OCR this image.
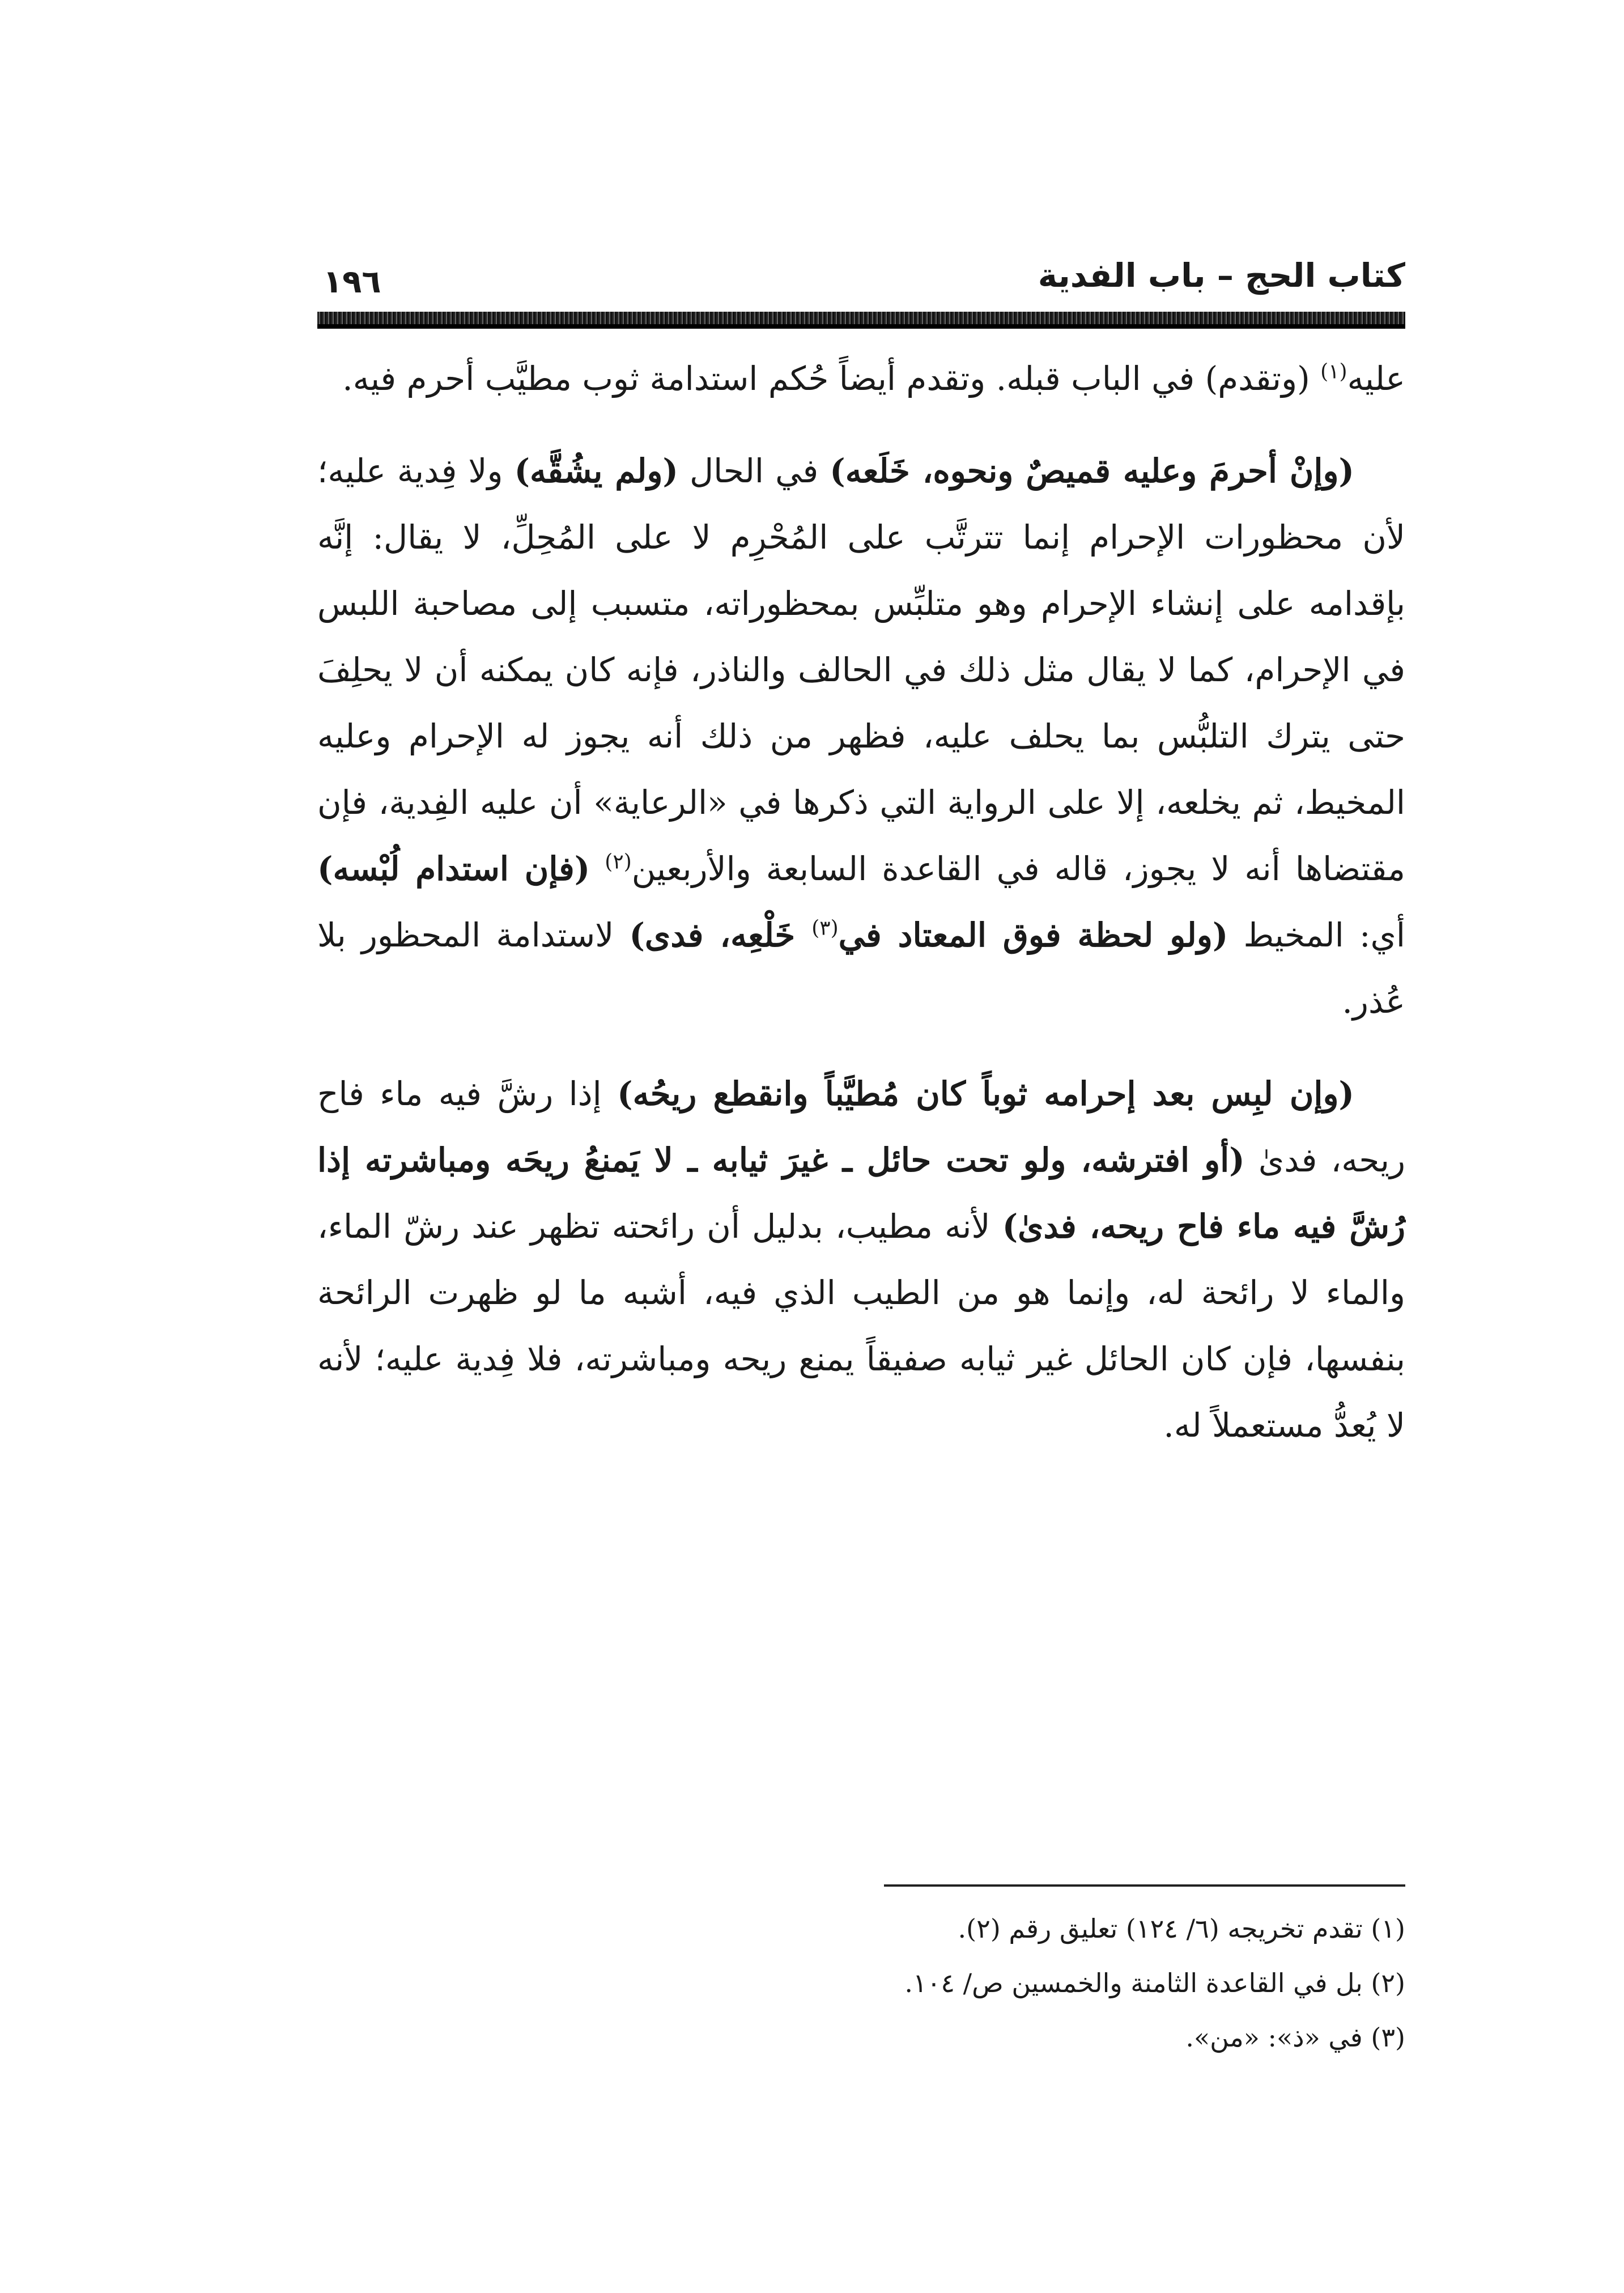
كتاب الحج – باب الفدية
١٩٦

عليه$^{(١)}$ (وتقدم) في الباب قبله. وتقدم أيضاً حُكم استدامة ثوب مطيَّب أحرم فيه.

(وإنْ أحرمَ وعليه قميصٌ ونحوه، خَلَعه) في الحال (ولم يشُقَّه) ولا فِدية عليه؛ لأن محظورات الإحرام إنما تترتَّب على المُحْرِم لا على المُحِلِّ، لا يقال: إنَّه بإقدامه على إنشاء الإحرام وهو متلبِّس بمحظوراته، متسبب إلى مصاحبة اللبس في الإحرام، كما لا يقال مثل ذلك في الحالف والناذر، فإنه كان يمكنه أن لا يحلِفَ حتى يترك التلبُّس بما يحلف عليه، فظهر من ذلك أنه يجوز له الإحرام وعليه المخيط، ثم يخلعه، إلا على الرواية التي ذكرها في «الرعاية» أن عليه الفِدية، فإن مقتضاها أنه لا يجوز، قاله في القاعدة السابعة والأربعين$^{(٢)}$ (فإن استدام لُبْسه) أي: المخيط (ولو لحظة فوق المعتاد في$^{(٣)}$ خَلْعِه، فدى) لاستدامة المحظور بلا عُذر.

(وإن لبِس بعد إحرامه ثوباً كان مُطيَّباً وانقطع ريحُه) إذا رشَّ فيه ماء فاح ريحه، فدىٰ (أو افترشه، ولو تحت حائل ـ غيرَ ثيابه ـ لا يَمنعُ ريحَه ومباشرته إذا رُشَّ فيه ماء فاح ريحه، فدىٰ) لأنه مطيب، بدليل أن رائحته تظهر عند رشّ الماء، والماء لا رائحة له، وإنما هو من الطيب الذي فيه، أشبه ما لو ظهرت الرائحة بنفسها، فإن كان الحائل غير ثيابه صفيقاً يمنع ريحه ومباشرته، فلا فِدية عليه؛ لأنه لا يُعدُّ مستعملاً له.

(١) تقدم تخريجه (٦/ ١٢٤) تعليق رقم (٢).
(٢) بل في القاعدة الثامنة والخمسين ص/ ١٠٤.
(٣) في «ذ»: «من».
